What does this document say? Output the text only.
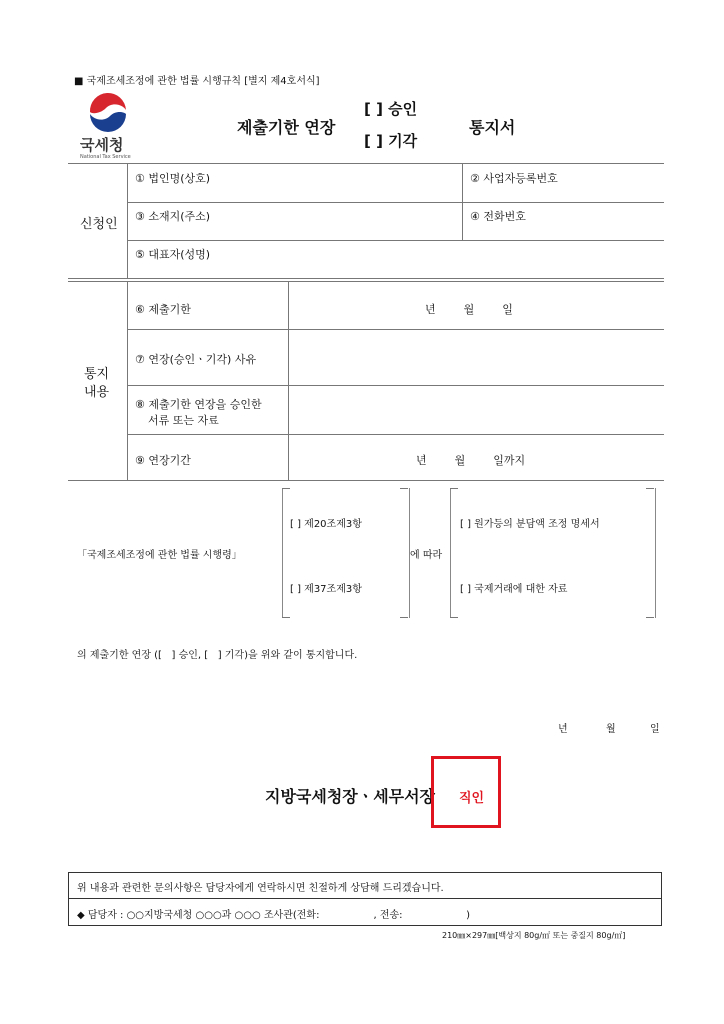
■ 국제조세조정에 관한 법률 시행규칙 [별지 제4호서식]
국세청
National Tax Service
제출기한 연장
[ ] 승인
[ ] 기각
통지서
신청인
① 법인명(상호)	② 사업자등록번호
③ 소재지(주소)	④ 전화번호
⑤ 대표자(성명)
통지
내용
⑥ 제출기한	년        월        일
⑦ 연장(승인ㆍ기각) 사유
⑧ 제출기한 연장을 승인한
서류 또는 자료
⑨ 연장기간	년        월        일까지
「국제조세조정에 관한 법률 시행령」
[ ] 제20조제3항
[ ] 제37조제3항
에 따라
[ ] 원가등의 분담액 조정 명세서
[ ] 국제거래에 대한 자료
의 제출기한 연장 ([   ] 승인, [   ] 기각)을 위와 같이 통지합니다.
년	월	일
지방국세청장ㆍ세무서장 직인
위 내용과 관련한 문의사항은 담당자에게 연락하시면 친절하게 상담해 드리겠습니다.
◆ 담당자 : ○○지방국세청 ○○○과 ○○○ 조사관(전화:                 , 전송:                    )
210㎜×297㎜[백상지 80g/㎡ 또는 중질지 80g/㎡]
